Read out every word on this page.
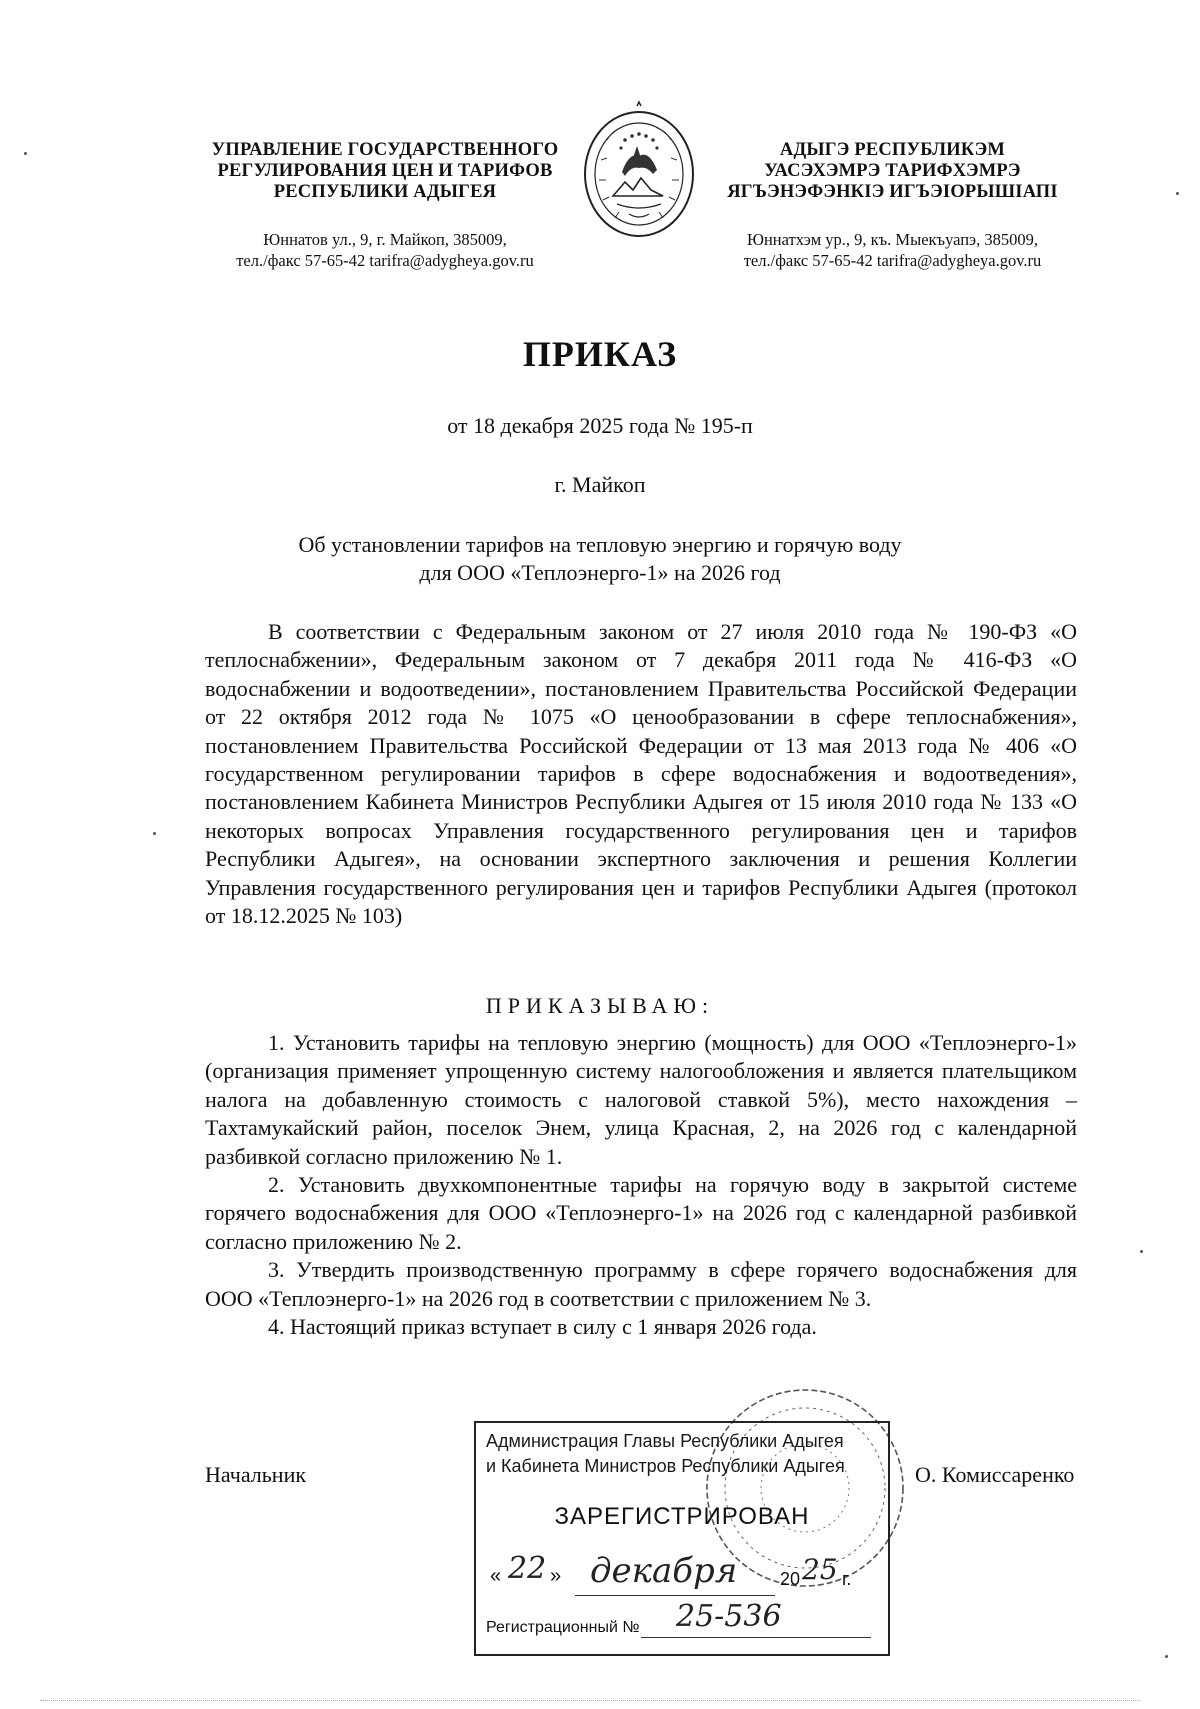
УПРАВЛЕНИЕ ГОСУДАРСТВЕННОГО
РЕГУЛИРОВАНИЯ ЦЕН И ТАРИФОВ
РЕСПУБЛИКИ АДЫГЕЯ
Юннатов ул., 9, г. Майкоп, 385009,
тел./факс 57-65-42 tarifra@adygheya.gov.ru
АДЫГЭ РЕСПУБЛИКЭМ
УАСЭХЭМРЭ ТАРИФХЭМРЭ
ЯГЪЭНЭФЭНКIЭ ИГЪЭIОРЫШIАПI
Юннатхэм ур., 9, къ. Мыекъуапэ, 385009,
тел./факс 57-65-42 tarifra@adygheya.gov.ru
ПРИКАЗ
от 18 декабря 2025 года № 195-п
г. Майкоп
Об установлении тарифов на тепловую энергию и горячую воду
для ООО «Теплоэнерго-1» на 2026 год

В соответствии с Федеральным законом от 27 июля 2010 года № 190-ФЗ «О теплоснабжении», Федеральным законом от 7 декабря 2011 года № 416-ФЗ «О водоснабжении и водоотведении», постановлением Правительства Российской Федерации от 22 октября 2012 года № 1075 «О ценообразовании в сфере теплоснабжения», постановлением Правительства Российской Федерации от 13 мая 2013 года № 406 «О государственном регулировании тарифов в сфере водоснабжения и водоотведения», постановлением Кабинета Министров Республики Адыгея от 15 июля 2010 года № 133 «О некоторых вопросах Управления государственного регулирования цен и тарифов Республики Адыгея», на основании экспертного заключения и решения Коллегии Управления государственного регулирования цен и тарифов Республики Адыгея (протокол от 18.12.2025 № 103)

ПРИКАЗЫВАЮ:

1. Установить тарифы на тепловую энергию (мощность) для ООО «Теплоэнерго-1» (организация применяет упрощенную систему налогообложения и является плательщиком налога на добавленную стоимость с налоговой ставкой 5%), место нахождения – Тахтамукайский район, поселок Энем, улица Красная, 2, на 2026 год с календарной разбивкой согласно приложению № 1.

2. Установить двухкомпонентные тарифы на горячую воду в закрытой системе горячего водоснабжения для ООО «Теплоэнерго-1» на 2026 год с календарной разбивкой согласно приложению № 2.

3. Утвердить производственную программу в сфере горячего водоснабжения для ООО «Теплоэнерго-1» на 2026 год в соответствии с приложением № 3.

4. Настоящий приказ вступает в силу с 1 января 2026 года.

Начальник	О. Комиссаренко
Администрация Главы Республики Адыгея
и Кабинета Министров Республики Адыгея
ЗАРЕГИСТРИРОВАН
« 22 » декабря 20 25 г.
Регистрационный № 25-536
